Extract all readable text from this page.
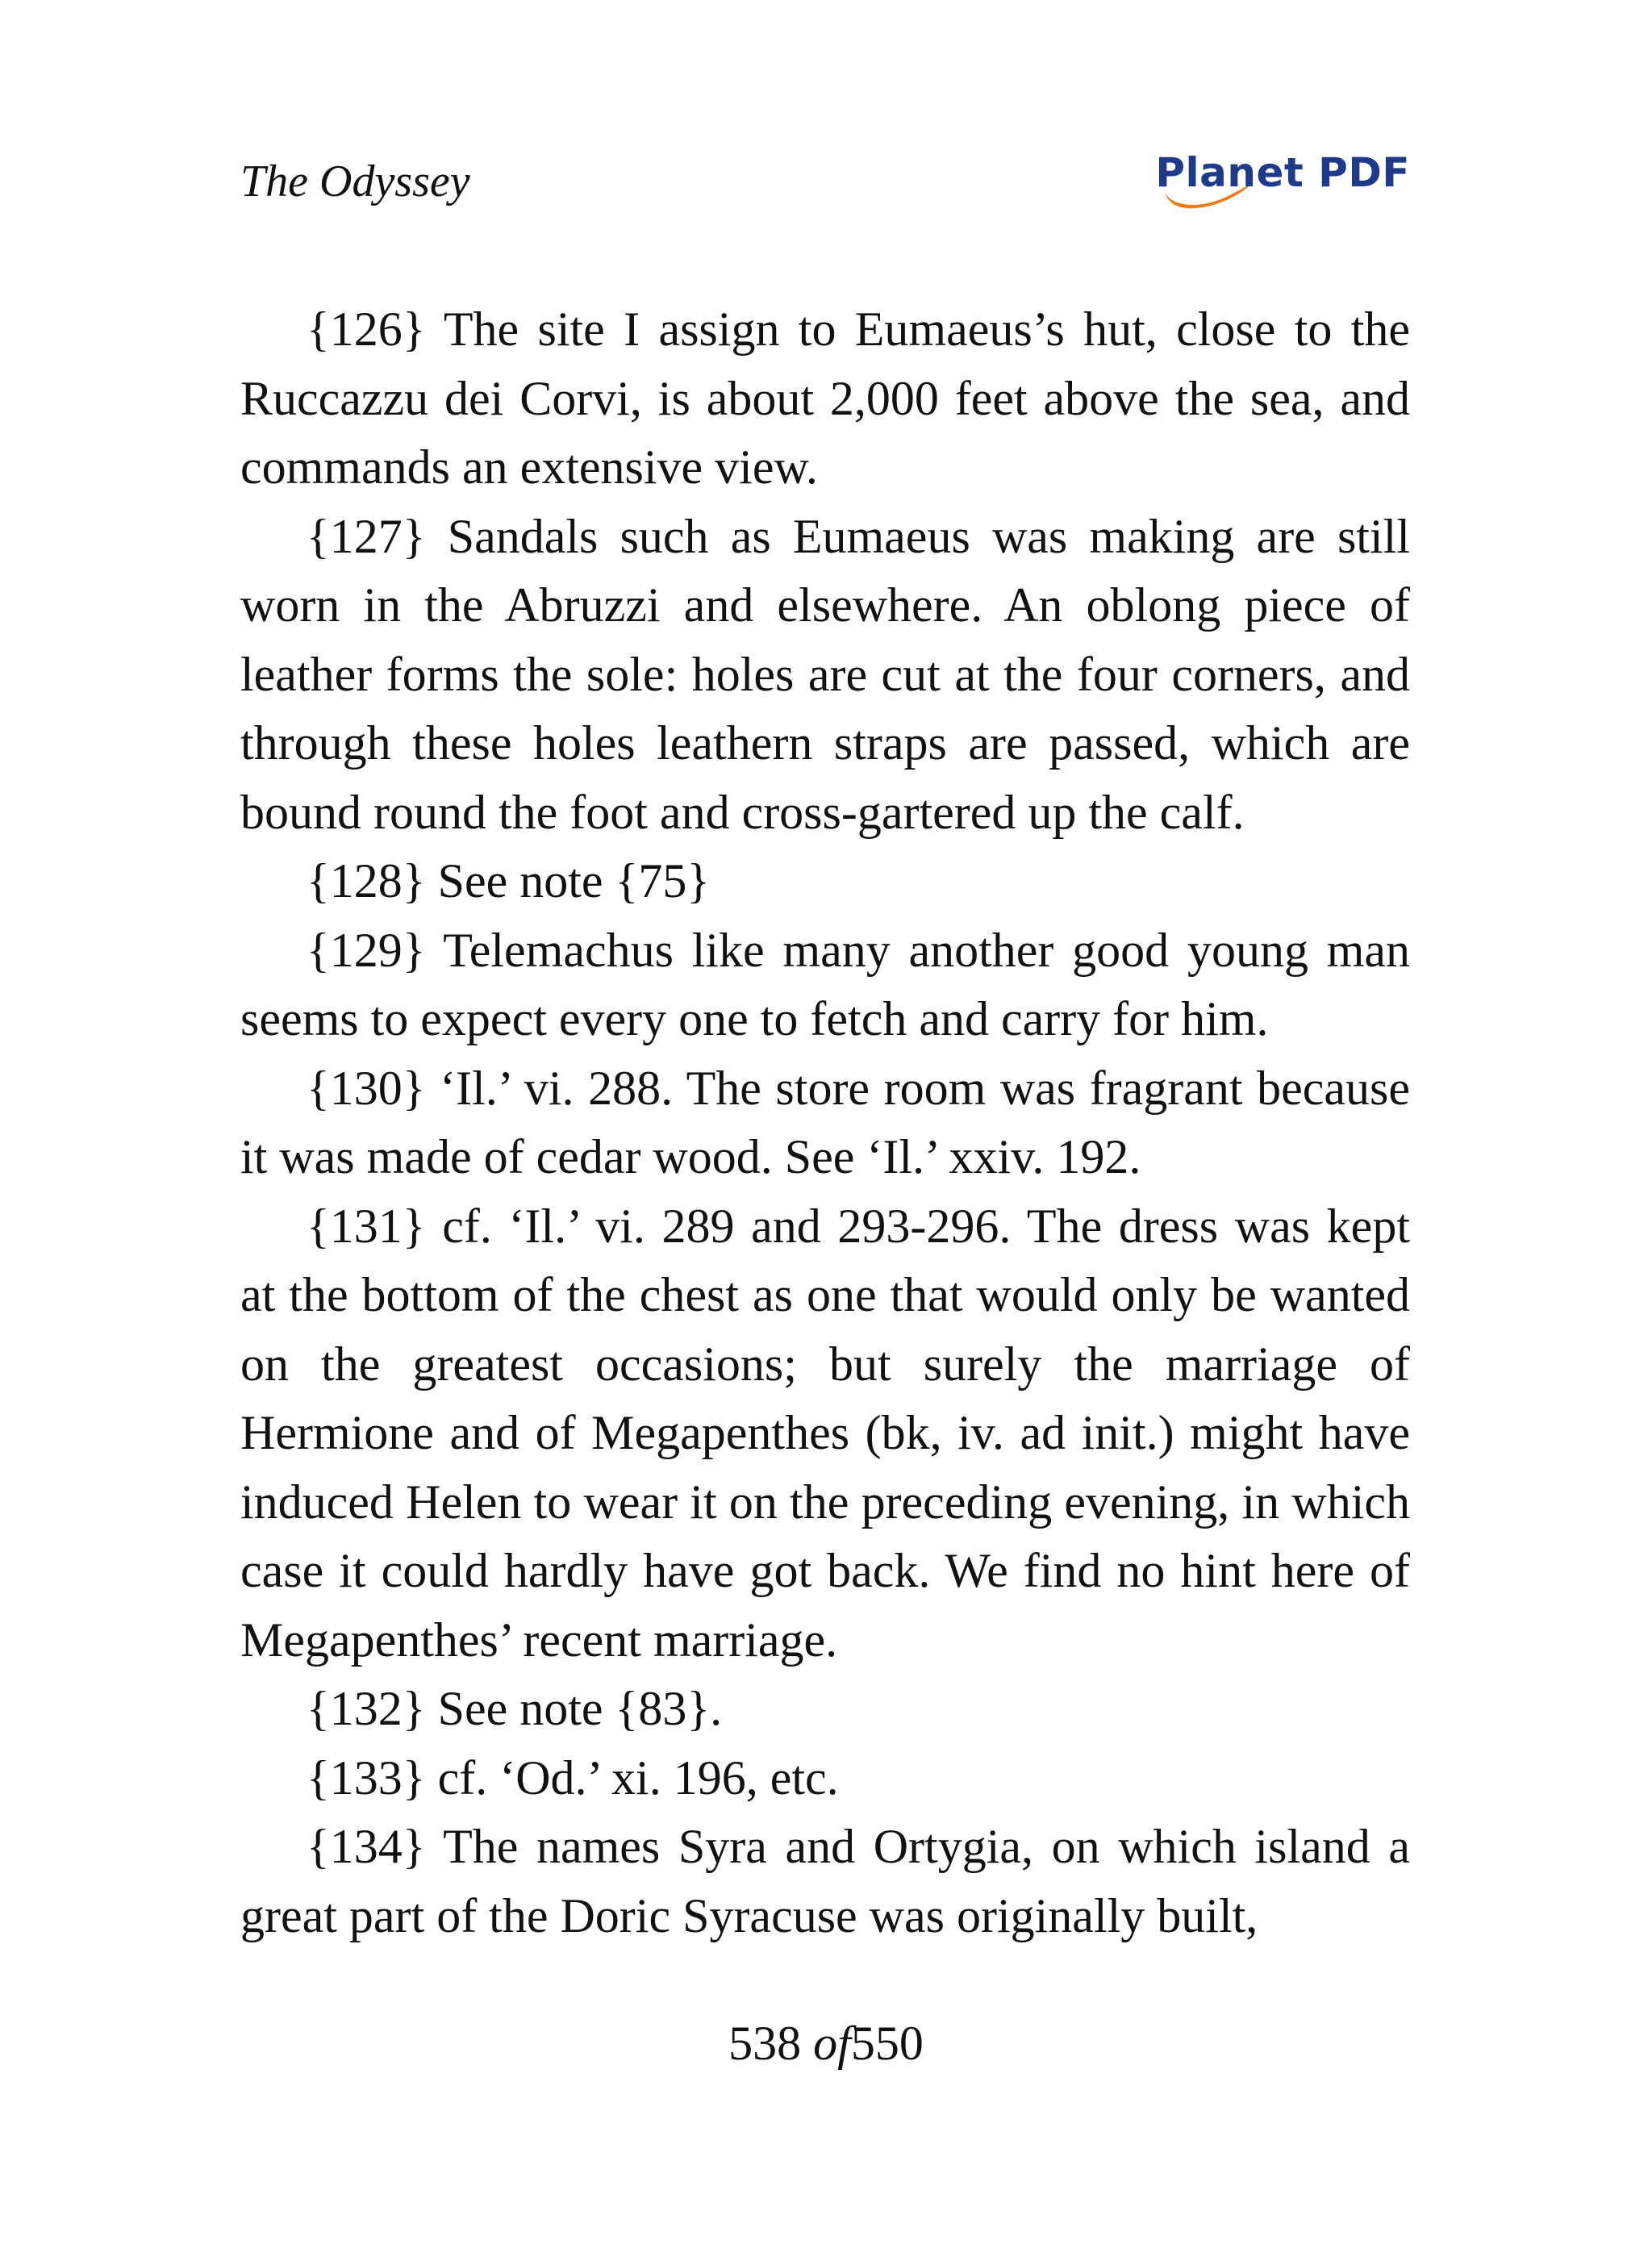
The Odyssey	Planet PDF

{126} The site I assign to Eumaeus’s hut, close to the Ruccazzu dei Corvi, is about 2,000 feet above the sea, and commands an extensive view.

{127} Sandals such as Eumaeus was making are still worn in the Abruzzi and elsewhere. An oblong piece of leather forms the sole: holes are cut at the four corners, and through these holes leathern straps are passed, which are bound round the foot and cross-gartered up the calf.

{128} See note {75}

{129} Telemachus like many another good young man seems to expect every one to fetch and carry for him.

{130} ‘Il.’ vi. 288. The store room was fragrant because it was made of cedar wood. See ‘Il.’ xxiv. 192.

{131} cf. ‘Il.’ vi. 289 and 293-296. The dress was kept at the bottom of the chest as one that would only be wanted on the greatest occasions; but surely the marriage of Hermione and of Megapenthes (bk, iv. ad init.) might have induced Helen to wear it on the preceding evening, in which case it could hardly have got back. We find no hint here of Megapenthes’ recent marriage.

{132} See note {83}.

{133} cf. ‘Od.’ xi. 196, etc.

{134} The names Syra and Ortygia, on which island a great part of the Doric Syracuse was originally built,

538 of550
